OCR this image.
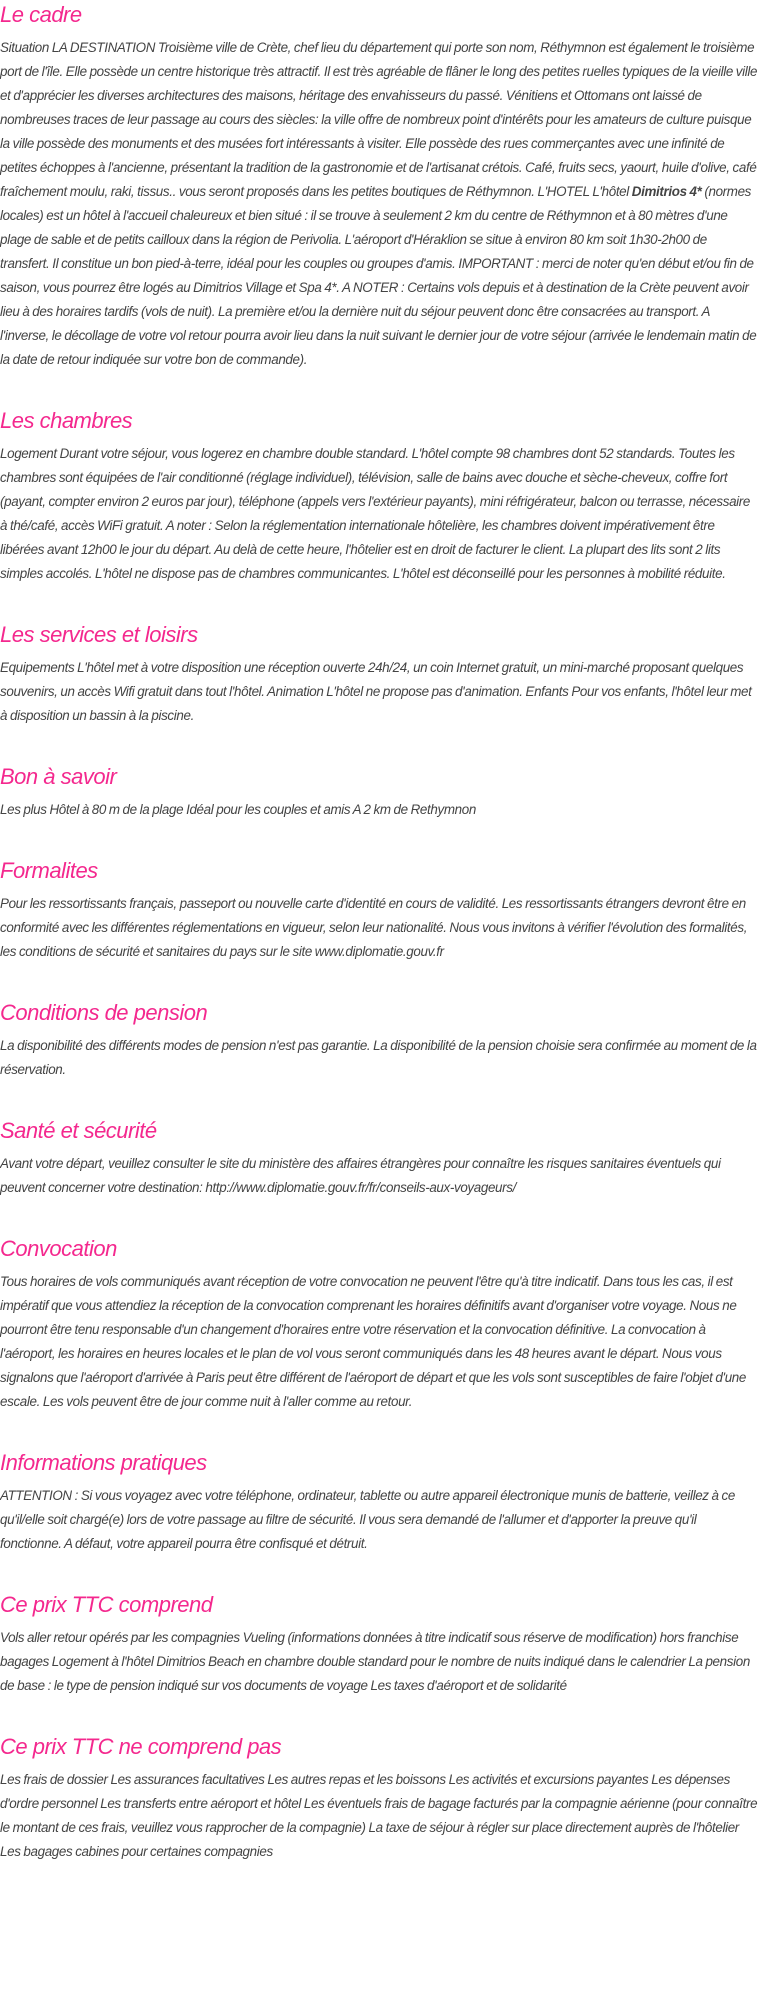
Le cadre

Situation LA DESTINATION Troisième ville de Crète, chef lieu du département qui porte son nom, Réthymnon est également le troisième port de l'île. Elle possède un centre historique très attractif. Il est très agréable de flâner le long des petites ruelles typiques de la vieille ville et d'apprécier les diverses architectures des maisons, héritage des envahisseurs du passé. Vénitiens et Ottomans ont laissé de nombreuses traces de leur passage au cours des siècles: la ville offre de nombreux point d'intérêts pour les amateurs de culture puisque la ville possède des monuments et des musées fort intéressants à visiter. Elle possède des rues commerçantes avec une infinité de petites échoppes à l'ancienne, présentant la tradition de la gastronomie et de l'artisanat crétois. Café, fruits secs, yaourt, huile d'olive, café fraîchement moulu, raki, tissus.. vous seront proposés dans les petites boutiques de Réthymnon. L'HOTEL L'hôtel Dimitrios 4* (normes locales) est un hôtel à l'accueil chaleureux et bien situé : il se trouve à seulement 2 km du centre de Réthymnon et à 80 mètres d'une plage de sable et de petits cailloux dans la région de Perivolia. L'aéroport d'Héraklion se situe à environ 80 km soit 1h30-2h00 de transfert. Il constitue un bon pied-à-terre, idéal pour les couples ou groupes d'amis. IMPORTANT : merci de noter qu'en début et/ou fin de saison, vous pourrez être logés au Dimitrios Village et Spa 4*. A NOTER : Certains vols depuis et à destination de la Crète peuvent avoir lieu à des horaires tardifs (vols de nuit). La première et/ou la dernière nuit du séjour peuvent donc être consacrées au transport. A l'inverse, le décollage de votre vol retour pourra avoir lieu dans la nuit suivant le dernier jour de votre séjour (arrivée le lendemain matin de la date de retour indiquée sur votre bon de commande).

Les chambres

Logement Durant votre séjour, vous logerez en chambre double standard. L'hôtel compte 98 chambres dont 52 standards. Toutes les chambres sont équipées de l'air conditionné (réglage individuel), télévision, salle de bains avec douche et sèche-cheveux, coffre fort (payant, compter environ 2 euros par jour), téléphone (appels vers l'extérieur payants), mini réfrigérateur, balcon ou terrasse, nécessaire à thé/café, accès WiFi gratuit. A noter : Selon la réglementation internationale hôtelière, les chambres doivent impérativement être libérées avant 12h00 le jour du départ. Au delà de cette heure, l'hôtelier est en droit de facturer le client. La plupart des lits sont 2 lits simples accolés. L'hôtel ne dispose pas de chambres communicantes. L'hôtel est déconseillé pour les personnes à mobilité réduite.

Les services et loisirs

Equipements L'hôtel met à votre disposition une réception ouverte 24h/24, un coin Internet gratuit, un mini-marché proposant quelques souvenirs, un accès Wifi gratuit dans tout l'hôtel. Animation L'hôtel ne propose pas d'animation. Enfants Pour vos enfants, l'hôtel leur met à disposition un bassin à la piscine.

Bon à savoir

Les plus Hôtel à 80 m de la plage Idéal pour les couples et amis A 2 km de Rethymnon

Formalites

Pour les ressortissants français, passeport ou nouvelle carte d'identité en cours de validité. Les ressortissants étrangers devront être en conformité avec les différentes réglementations en vigueur, selon leur nationalité. Nous vous invitons à vérifier l'évolution des formalités, les conditions de sécurité et sanitaires du pays sur le site www.diplomatie.gouv.fr

Conditions de pension

La disponibilité des différents modes de pension n'est pas garantie. La disponibilité de la pension choisie sera confirmée au moment de la réservation.

Santé et sécurité

Avant votre départ, veuillez consulter le site du ministère des affaires étrangères pour connaître les risques sanitaires éventuels qui peuvent concerner votre destination: http://www.diplomatie.gouv.fr/fr/conseils-aux-voyageurs/

Convocation

Tous horaires de vols communiqués avant réception de votre convocation ne peuvent l'être qu'à titre indicatif. Dans tous les cas, il est impératif que vous attendiez la réception de la convocation comprenant les horaires définitifs avant d'organiser votre voyage. Nous ne pourront être tenu responsable d'un changement d'horaires entre votre réservation et la convocation définitive. La convocation à l'aéroport, les horaires en heures locales et le plan de vol vous seront communiqués dans les 48 heures avant le départ. Nous vous signalons que l'aéroport d'arrivée à Paris peut être différent de l'aéroport de départ et que les vols sont susceptibles de faire l'objet d'une escale. Les vols peuvent être de jour comme nuit à l'aller comme au retour.

Informations pratiques

ATTENTION : Si vous voyagez avec votre téléphone, ordinateur, tablette ou autre appareil électronique munis de batterie, veillez à ce qu'il/elle soit chargé(e) lors de votre passage au filtre de sécurité. Il vous sera demandé de l'allumer et d'apporter la preuve qu'il fonctionne. A défaut, votre appareil pourra être confisqué et détruit.

Ce prix TTC comprend

Vols aller retour opérés par les compagnies Vueling (informations données à titre indicatif sous réserve de modification) hors franchise bagages Logement à l'hôtel Dimitrios Beach en chambre double standard pour le nombre de nuits indiqué dans le calendrier La pension de base : le type de pension indiqué sur vos documents de voyage Les taxes d'aéroport et de solidarité

Ce prix TTC ne comprend pas

Les frais de dossier Les assurances facultatives Les autres repas et les boissons Les activités et excursions payantes Les dépenses d'ordre personnel Les transferts entre aéroport et hôtel Les éventuels frais de bagage facturés par la compagnie aérienne (pour connaître le montant de ces frais, veuillez vous rapprocher de la compagnie) La taxe de séjour à régler sur place directement auprès de l'hôtelier Les bagages cabines pour certaines compagnies
